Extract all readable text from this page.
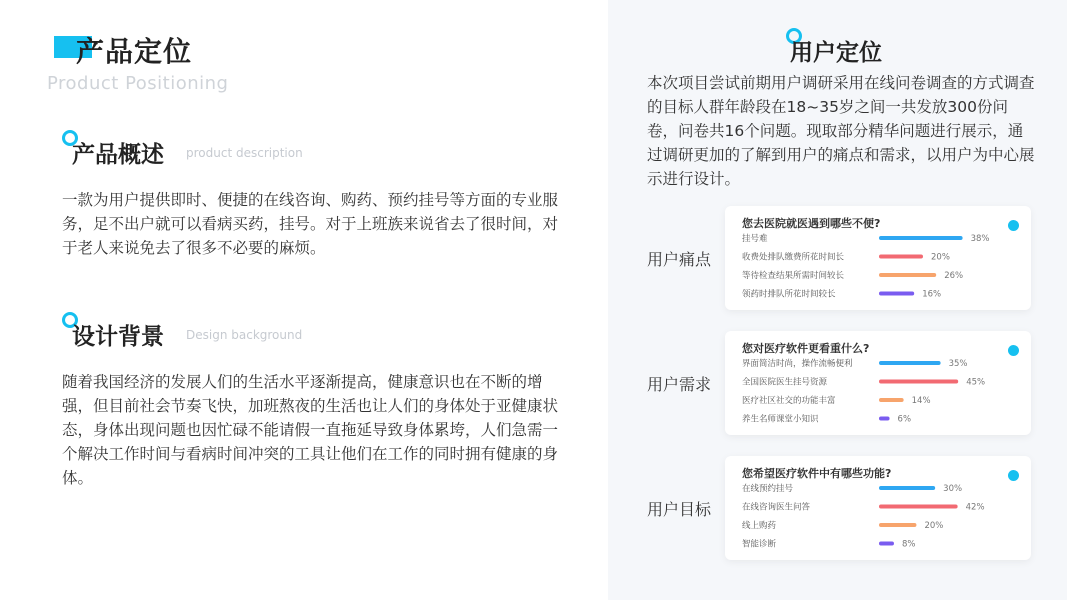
产品定位
Product Positioning
产品概述 product description
一款为用户提供即时、便捷的在线咨询、购药、预约挂号等方面的专业服务，足不出户就可以看病买药，挂号。对于上班族来说省去了很时间，对于老人来说免去了很多不必要的麻烦。
设计背景 Design background
随着我国经济的发展人们的生活水平逐渐提高，健康意识也在不断的增强，但目前社会节奏飞快，加班熬夜的生活也让人们的身体处于亚健康状态，身体出现问题也因忙碌不能请假一直拖延导致身体累垮，人们急需一个解决工作时间与看病时间冲突的工具让他们在工作的同时拥有健康的身体。
用户定位
本次项目尝试前期用户调研采用在线问卷调查的方式调查的目标人群年龄段在18~35岁之间一共发放300份问卷，问卷共16个问题。现取部分精华问题进行展示，通过调研更加的了解到用户的痛点和需求，以用户为中心展示进行设计。
用户痛点
用户需求
用户目标
您去医院就医遇到哪些不便?
挂号难	38%
收费处排队缴费所花时间长	20%
等待检查结果所需时间较长	26%
领药时排队所花时间较长	16%
您对医疗软件更看重什么?
界面简洁时尚，操作流畅便利	35%
全国医院医生挂号资源	45%
医疗社区社交的功能丰富	14%
养生名师课堂小知识	6%
您希望医疗软件中有哪些功能?
在线预约挂号	30%
在线咨询医生问答	42%
线上购药	20%
智能诊断	8%
